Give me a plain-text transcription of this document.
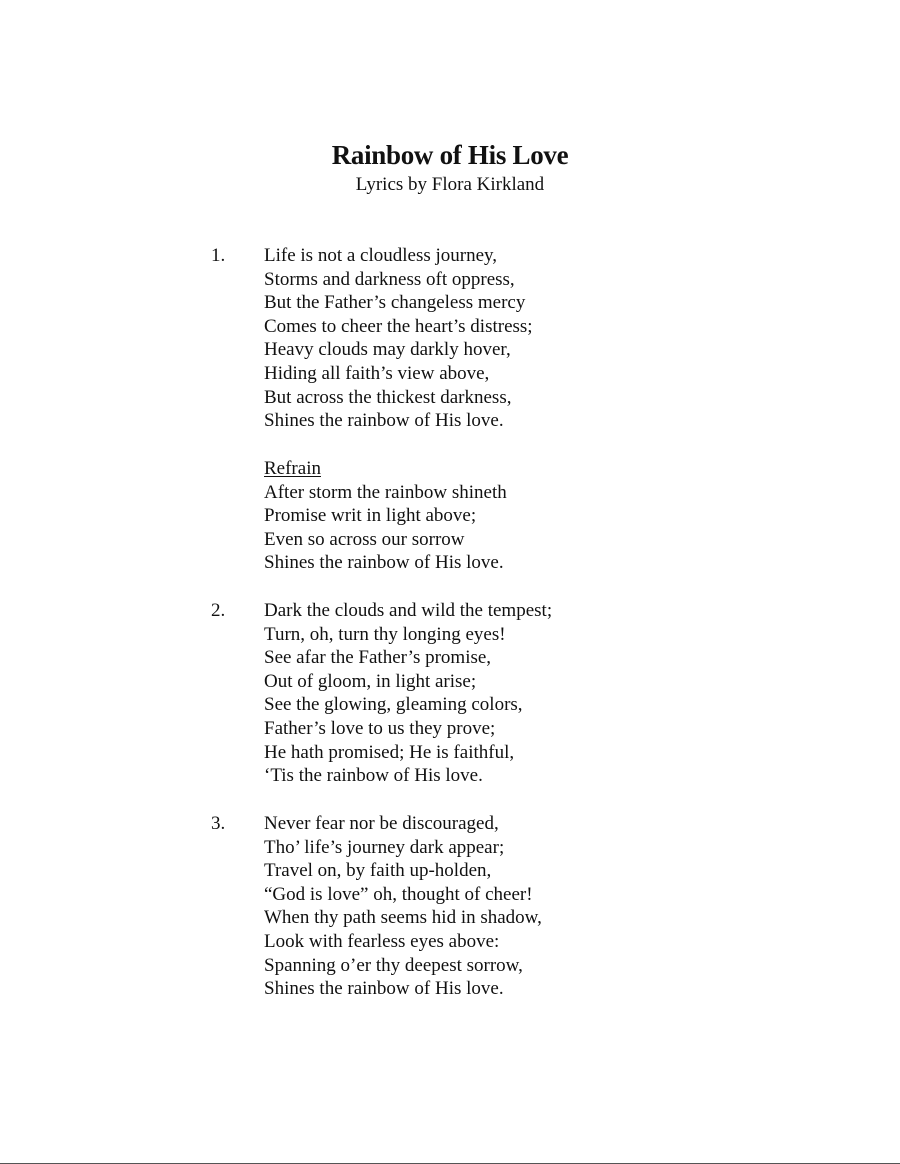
Rainbow of His Love
Lyrics by Flora Kirkland
1. Life is not a cloudless journey,
Storms and darkness oft oppress,
But the Father’s changeless mercy
Comes to cheer the heart’s distress;
Heavy clouds may darkly hover,
Hiding all faith’s view above,
But across the thickest darkness,
Shines the rainbow of His love.
Refrain
After storm the rainbow shineth
Promise writ in light above;
Even so across our sorrow
Shines the rainbow of His love.
2. Dark the clouds and wild the tempest;
Turn, oh, turn thy longing eyes!
See afar the Father’s promise,
Out of gloom, in light arise;
See the glowing, gleaming colors,
Father’s love to us they prove;
He hath promised; He is faithful,
‘Tis the rainbow of His love.
3. Never fear nor be discouraged,
Tho’ life’s journey dark appear;
Travel on, by faith up-holden,
“God is love” oh, thought of cheer!
When thy path seems hid in shadow,
Look with fearless eyes above:
Spanning o’er thy deepest sorrow,
Shines the rainbow of His love.
